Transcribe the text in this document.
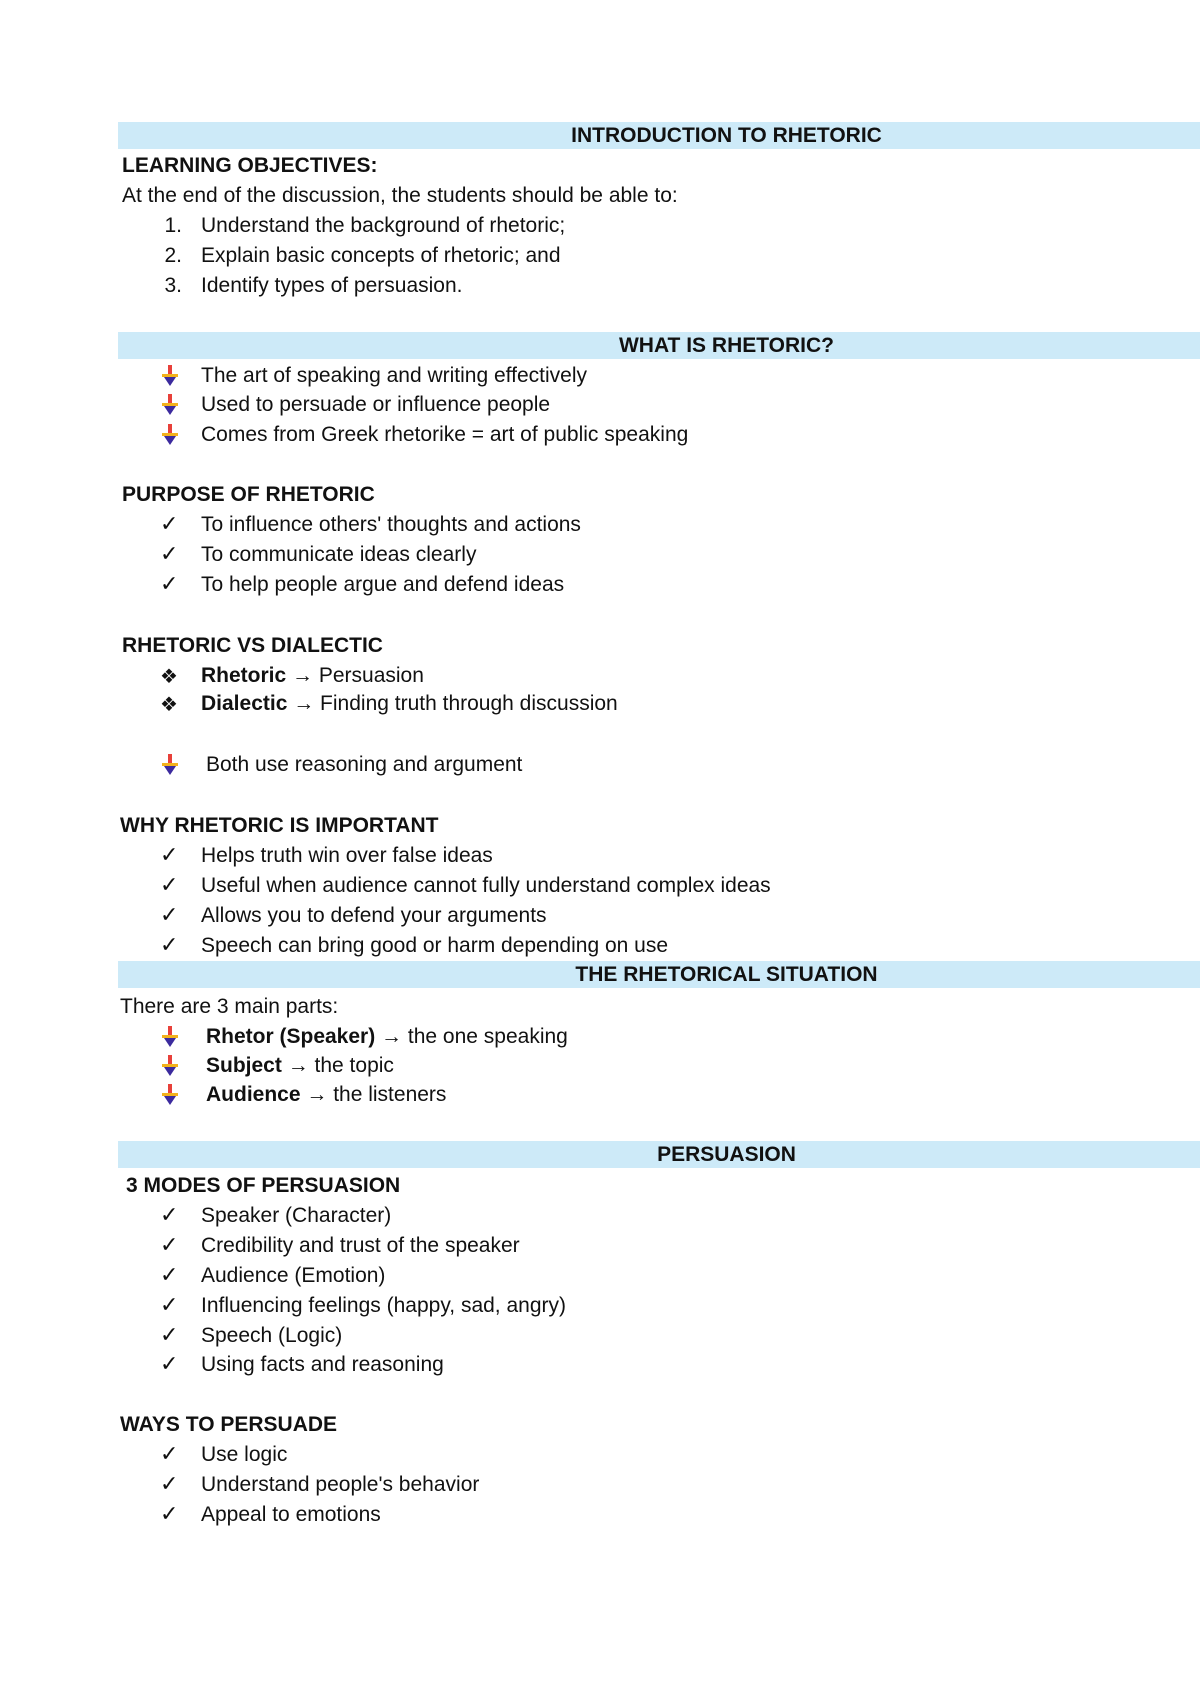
INTRODUCTION TO RHETORIC
LEARNING OBJECTIVES:
At the end of the discussion, the students should be able to:
1. Understand the background of rhetoric;
2. Explain basic concepts of rhetoric; and
3. Identify types of persuasion.
WHAT IS RHETORIC?
The art of speaking and writing effectively
Used to persuade or influence people
Comes from Greek rhetorike = art of public speaking
PURPOSE OF RHETORIC
✓ To influence others' thoughts and actions
✓ To communicate ideas clearly
✓ To help people argue and defend ideas
RHETORIC VS DIALECTIC
❖ Rhetoric → Persuasion
❖ Dialectic → Finding truth through discussion
Both use reasoning and argument
WHY RHETORIC IS IMPORTANT
✓ Helps truth win over false ideas
✓ Useful when audience cannot fully understand complex ideas
✓ Allows you to defend your arguments
✓ Speech can bring good or harm depending on use
THE RHETORICAL SITUATION
There are 3 main parts:
Rhetor (Speaker) → the one speaking
Subject → the topic
Audience → the listeners
PERSUASION
3 MODES OF PERSUASION
✓ Speaker (Character)
✓ Credibility and trust of the speaker
✓ Audience (Emotion)
✓ Influencing feelings (happy, sad, angry)
✓ Speech (Logic)
✓ Using facts and reasoning
WAYS TO PERSUADE
✓ Use logic
✓ Understand people's behavior
✓ Appeal to emotions
